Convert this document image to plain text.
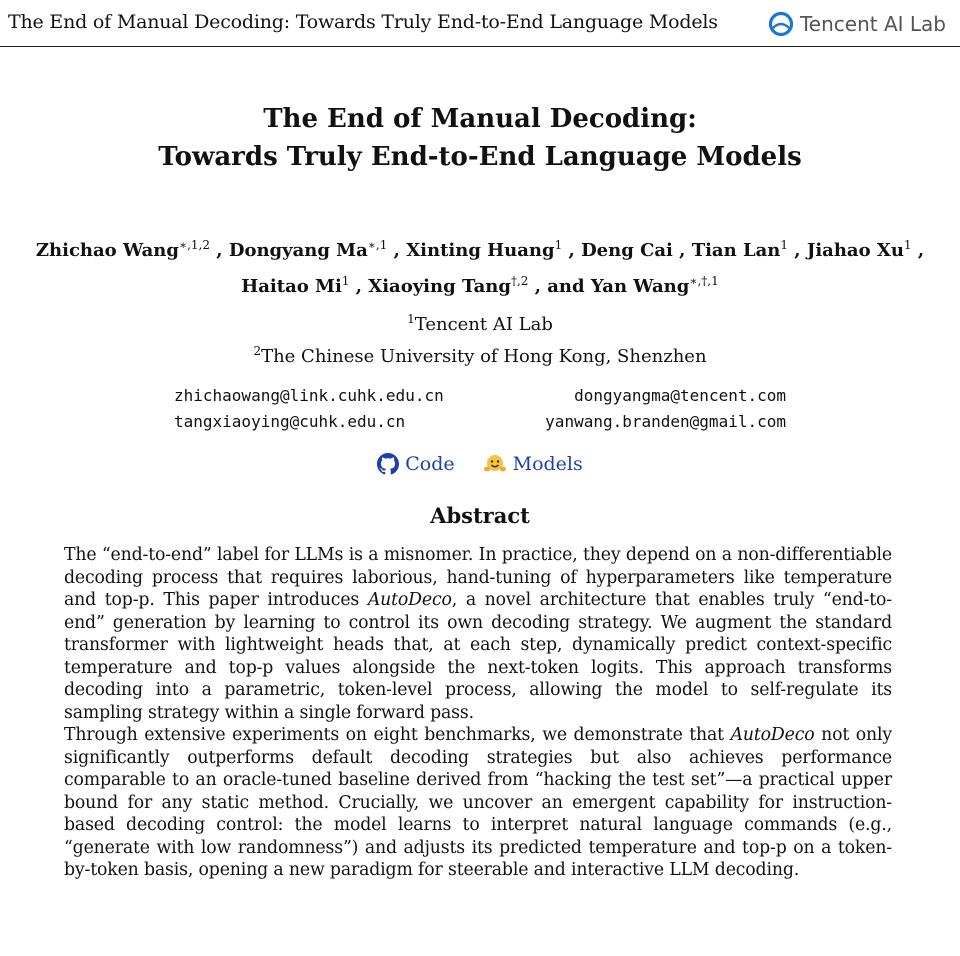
The End of Manual Decoding: Towards Truly End-to-End Language Models	Tencent AI Lab
The End of Manual Decoding:
Towards Truly End-to-End Language Models
Zhichao Wang$^{∗,1,2}$ , Dongyang $Ma^{∗,1}$ , Xinting Huang$^1$ , Deng Cai , Tian Lan$^1$ , Jiahao Xu$^1$ ,
Haitao Mi$^1$ , Xiaoying Tang$^{\dagger,2}$ , and Yan Wang$^{∗,\dagger,1}$
$^1$Tencent AI Lab
$^2$The Chinese University of Hong Kong, Shenzhen
zhichaowang@link.cuhk.edu.cn	dongyangma@tencent.com
tangxiaoying@cuhk.edu.cn	yanwang.branden@gmail.com
Code	Models
Abstract

The “end-to-end” label for LLMs is a misnomer. In practice, they depend on a non-differentiable decoding process that requires laborious, hand-tuning of hyperparameters like temperature and top-p. This paper introduces AutoDeco, a novel architecture that enables truly “end-to-end” generation by learning to control its own decoding strategy. We augment the standard transformer with lightweight heads that, at each step, dynamically predict context-specific temperature and top-p values alongside the next-token logits. This approach transforms decoding into a parametric, token-level process, allowing the model to self-regulate its sampling strategy within a single forward pass.

Through extensive experiments on eight benchmarks, we demonstrate that AutoDeco not only significantly outperforms default decoding strategies but also achieves performance comparable to an oracle-tuned baseline derived from “hacking the test set”—a practical upper bound for any static method. Crucially, we uncover an emergent capability for instruction-based decoding control: the model learns to interpret natural language commands (e.g., “generate with low randomness”) and adjusts its predicted temperature and top-p on a token-by-token basis, opening a new paradigm for steerable and interactive LLM decoding.
